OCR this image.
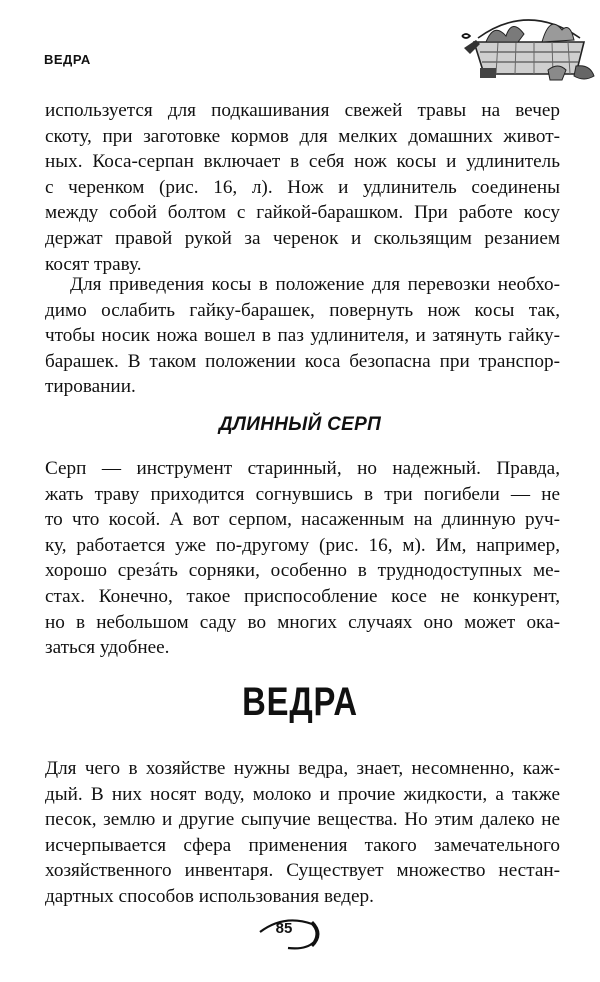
ВЕДРА
используется для подкашивания свежей травы на вечер
скоту, при заготовке кормов для мелких домашних живот-
ных. Коса-серпан включает в себя нож косы и удлинитель
с черенком (рис. 16, л). Нож и удлинитель соединены
между собой болтом с гайкой-барашком. При работе косу
держат правой рукой за черенок и скользящим резанием
косят траву.
Для приведения косы в положение для перевозки необхо-
димо ослабить гайку-барашек, повернуть нож косы так,
чтобы носик ножа вошел в паз удлинителя, и затянуть гайку-
барашек. В таком положении коса безопасна при транспор-
тировании.
ДЛИННЫЙ СЕРП
Серп — инструмент старинный, но надежный. Правда,
жать траву приходится согнувшись в три погибели — не
то что косой. А вот серпом, насаженным на длинную руч-
ку, работается уже по-другому (рис. 16, м). Им, например,
хорошо срезáть сорняки, особенно в труднодоступных ме-
стах. Конечно, такое приспособление косе не конкурент,
но в небольшом саду во многих случаях оно может ока-
заться удобнее.
ВЕДРА
Для чего в хозяйстве нужны ведра, знает, несомненно, каж-
дый. В них носят воду, молоко и прочие жидкости, а также
песок, землю и другие сыпучие вещества. Но этим далеко не
исчерпывается сфера применения такого замечательного
хозяйственного инвентаря. Существует множество нестан-
дартных способов использования ведер.
85
